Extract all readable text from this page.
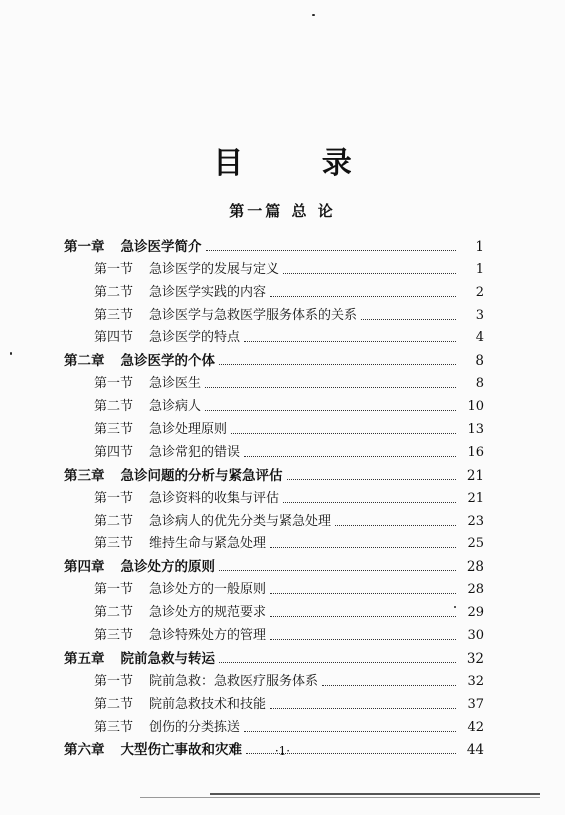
目 录
第一篇 总 论
第一章 急诊医学简介	1
第一节 急诊医学的发展与定义	1
第二节 急诊医学实践的内容	2
第三节 急诊医学与急救医学服务体系的关系	3
第四节 急诊医学的特点	4
第二章 急诊医学的个体	8
第一节 急诊医生	8
第二节 急诊病人	10
第三节 急诊处理原则	13
第四节 急诊常犯的错误	16
第三章 急诊问题的分析与紧急评估	21
第一节 急诊资料的收集与评估	21
第二节 急诊病人的优先分类与紧急处理	23
第三节 维持生命与紧急处理	25
第四章 急诊处方的原则	28
第一节 急诊处方的一般原则	28
第二节 急诊处方的规范要求	29
第三节 急诊特殊处方的管理	30
第五章 院前急救与转运	32
第一节 院前急救：急救医疗服务体系	32
第二节 院前急救技术和技能	37
第三节 创伤的分类拣送	42
第六章 大型伤亡事故和灾难	44
·1·
